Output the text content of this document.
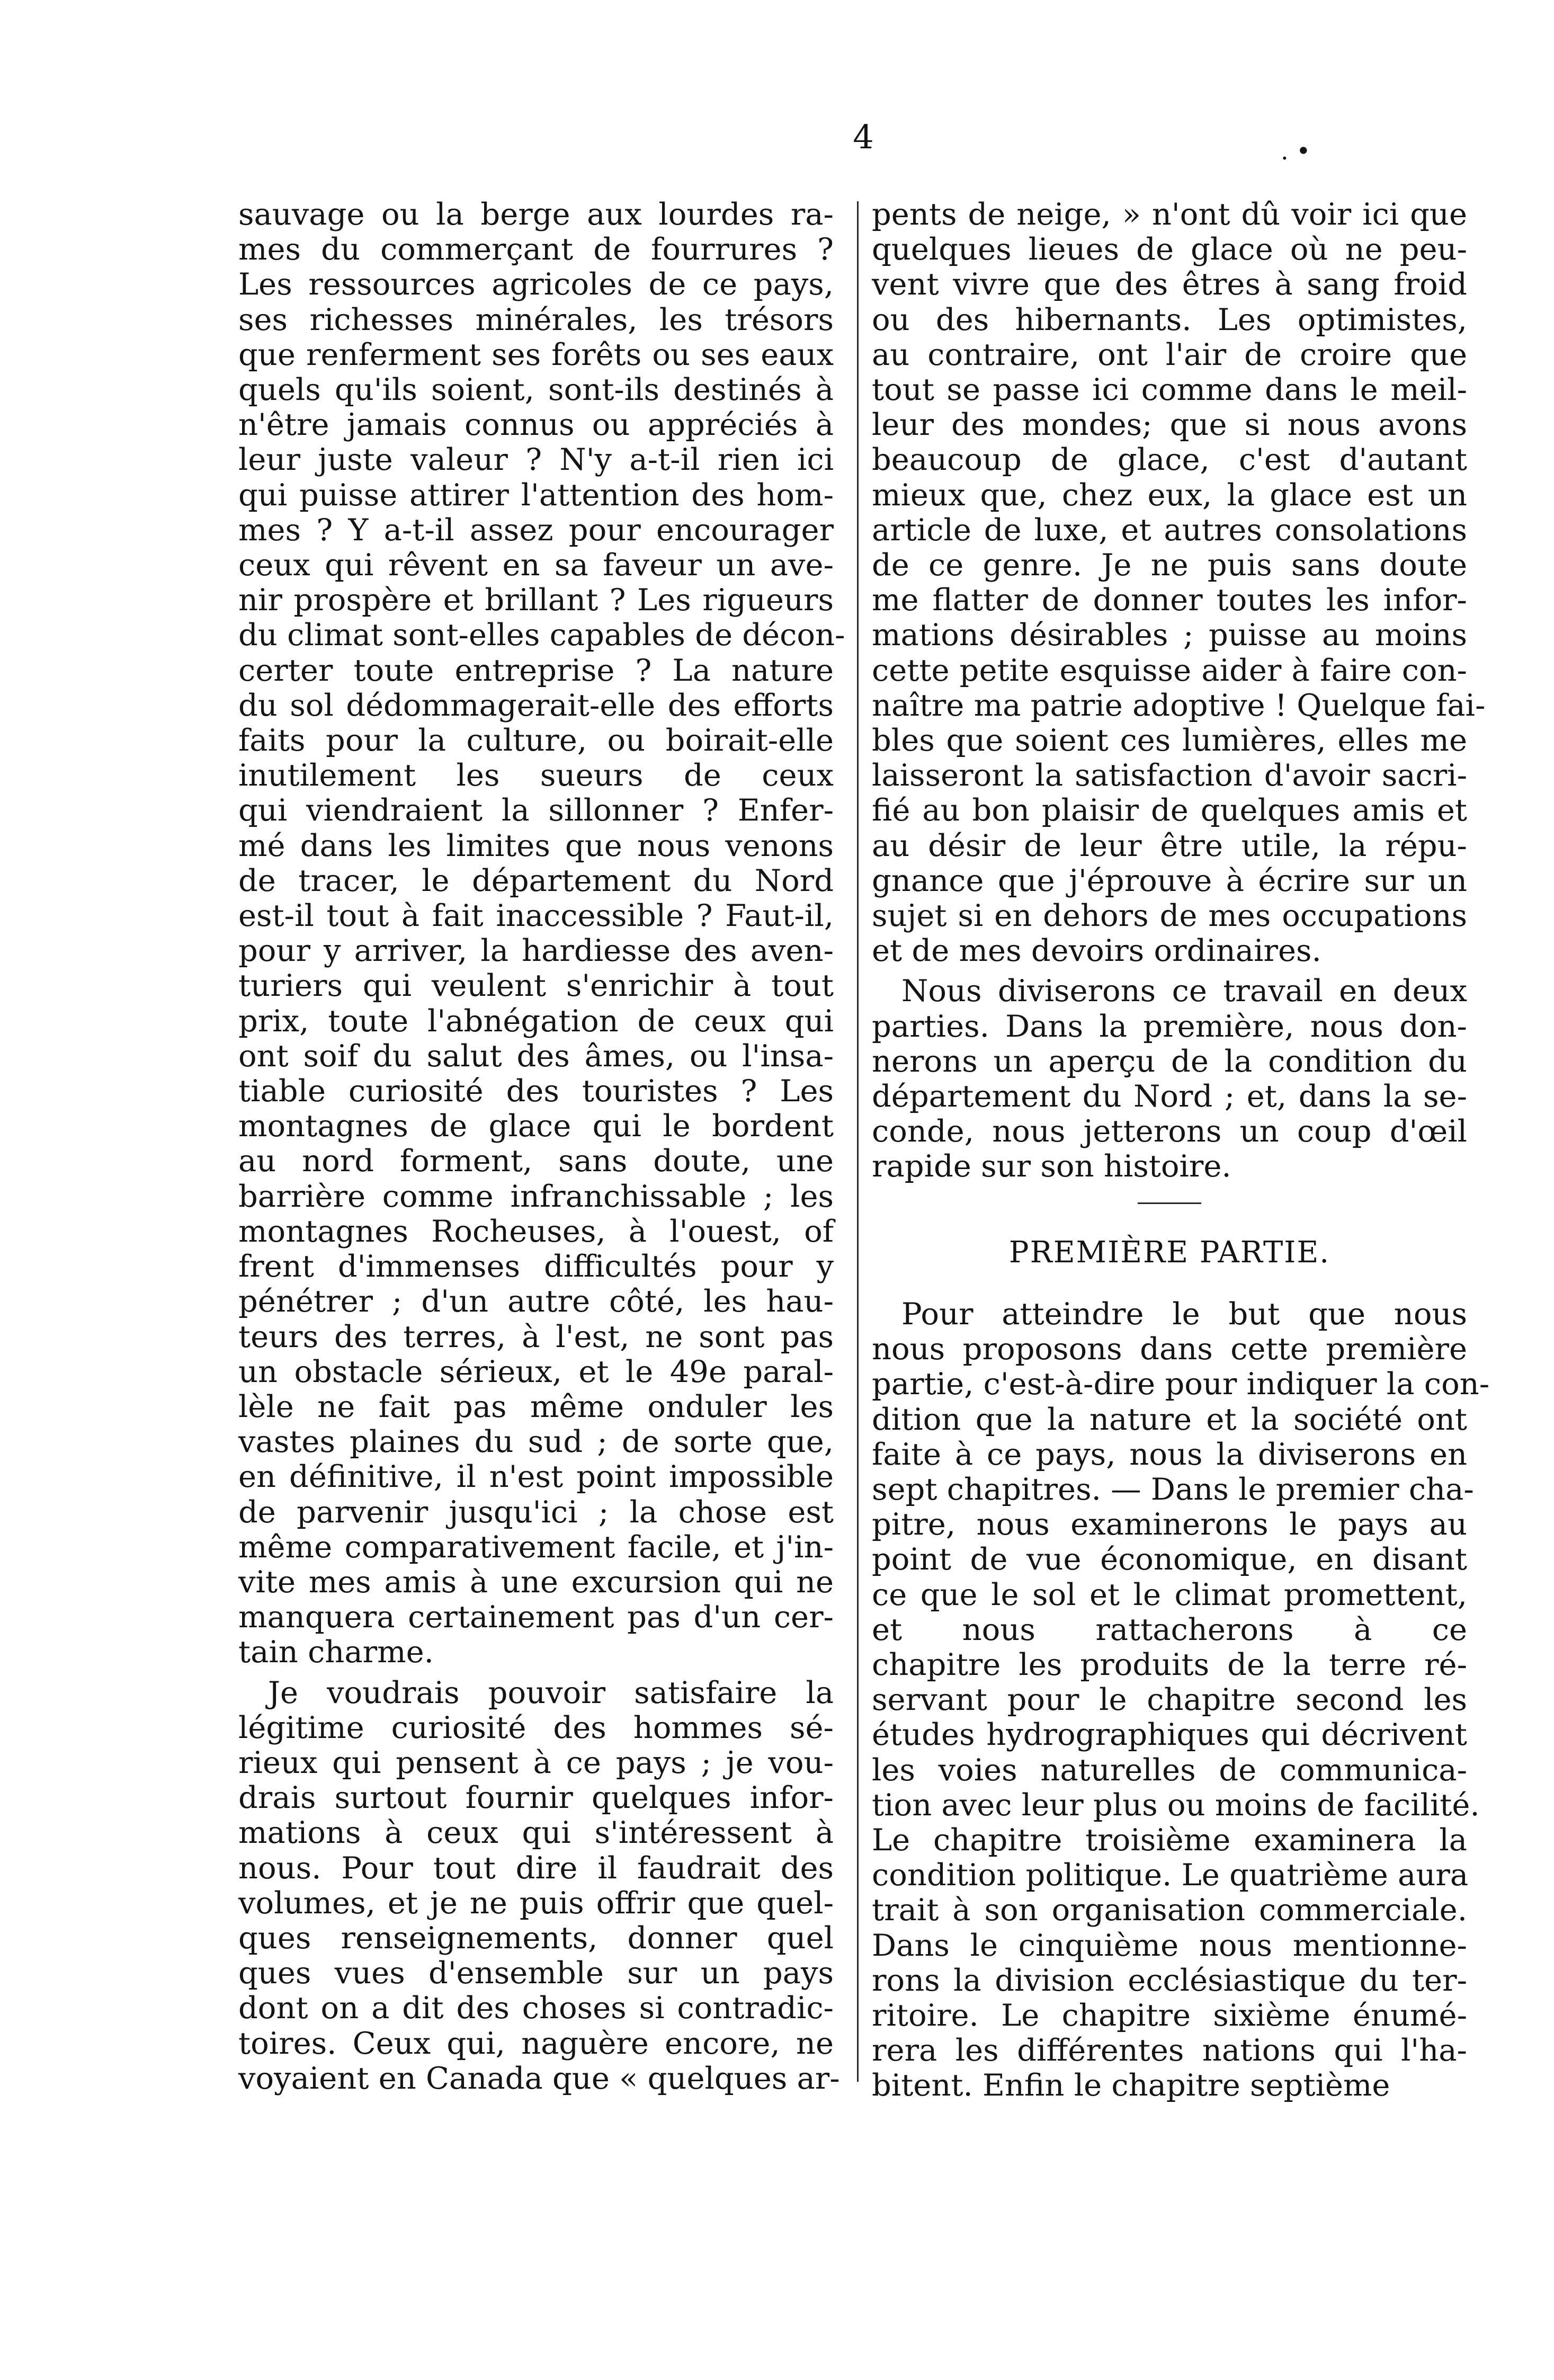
4	. •
sauvage ou la berge aux lourdes ra-
mes du commerçant de fourrures ?
Les ressources agricoles de ce pays,
ses richesses minérales, les trésors
que renferment ses forêts ou ses eaux
quels qu'ils soient, sont-ils destinés à
n'être jamais connus ou appréciés à
leur juste valeur ? N'y a-t-il rien ici
qui puisse attirer l'attention des hom-
mes ? Y a-t-il assez pour encourager
ceux qui rêvent en sa faveur un ave-
nir prospère et brillant ? Les rigueurs
du climat sont-elles capables de décon-
certer toute entreprise ? La nature
du sol dédommagerait-elle des efforts
faits pour la culture, ou boirait-elle
inutilement les sueurs de ceux
qui viendraient la sillonner ? Enfer-
mé dans les limites que nous venons
de tracer, le département du Nord
est-il tout à fait inaccessible ? Faut-il,
pour y arriver, la hardiesse des aven-
turiers qui veulent s'enrichir à tout
prix, toute l'abnégation de ceux qui
ont soif du salut des âmes, ou l'insa-
tiable curiosité des touristes ? Les
montagnes de glace qui le bordent
au nord forment, sans doute, une
barrière comme infranchissable ; les
montagnes Rocheuses, à l'ouest, of
frent d'immenses difficultés pour y
pénétrer ; d'un autre côté, les hau-
teurs des terres, à l'est, ne sont pas
un obstacle sérieux, et le 49e paral-
lèle ne fait pas même onduler les
vastes plaines du sud ; de sorte que,
en définitive, il n'est point impossible
de parvenir jusqu'ici ; la chose est
même comparativement facile, et j'in-
vite mes amis à une excursion qui ne
manquera certainement pas d'un cer-
tain charme.
Je voudrais pouvoir satisfaire la
légitime curiosité des hommes sé-
rieux qui pensent à ce pays ; je vou-
drais surtout fournir quelques infor-
mations à ceux qui s'intéressent à
nous. Pour tout dire il faudrait des
volumes, et je ne puis offrir que quel-
ques renseignements, donner quel
ques vues d'ensemble sur un pays
dont on a dit des choses si contradic-
toires. Ceux qui, naguère encore, ne
voyaient en Canada que « quelques ar-
pents de neige, » n'ont dû voir ici que
quelques lieues de glace où ne peu-
vent vivre que des êtres à sang froid
ou des hibernants. Les optimistes,
au contraire, ont l'air de croire que
tout se passe ici comme dans le meil-
leur des mondes; que si nous avons
beaucoup de glace, c'est d'autant
mieux que, chez eux, la glace est un
article de luxe, et autres consolations
de ce genre. Je ne puis sans doute
me flatter de donner toutes les infor-
mations désirables ; puisse au moins
cette petite esquisse aider à faire con-
naître ma patrie adoptive ! Quelque fai-
bles que soient ces lumières, elles me
laisseront la satisfaction d'avoir sacri-
fié au bon plaisir de quelques amis et
au désir de leur être utile, la répu-
gnance que j'éprouve à écrire sur un
sujet si en dehors de mes occupations
et de mes devoirs ordinaires.
Nous diviserons ce travail en deux
parties. Dans la première, nous don-
nerons un aperçu de la condition du
département du Nord ; et, dans la se-
conde, nous jetterons un coup d'œil
rapide sur son histoire.
PREMIÈRE PARTIE.
Pour atteindre le but que nous
nous proposons dans cette première
partie, c'est-à-dire pour indiquer la con-
dition que la nature et la société ont
faite à ce pays, nous la diviserons en
sept chapitres. — Dans le premier cha-
pitre, nous examinerons le pays au
point de vue économique, en disant
ce que le sol et le climat promettent,
et nous rattacherons à ce
chapitre les produits de la terre ré-
servant pour le chapitre second les
études hydrographiques qui décrivent
les voies naturelles de communica-
tion avec leur plus ou moins de facilité.
Le chapitre troisième examinera la
condition politique. Le quatrième aura
trait à son organisation commerciale.
Dans le cinquième nous mentionne-
rons la division ecclésiastique du ter-
ritoire. Le chapitre sixième énumé-
rera les différentes nations qui l'ha-
bitent. Enfin le chapitre septième
